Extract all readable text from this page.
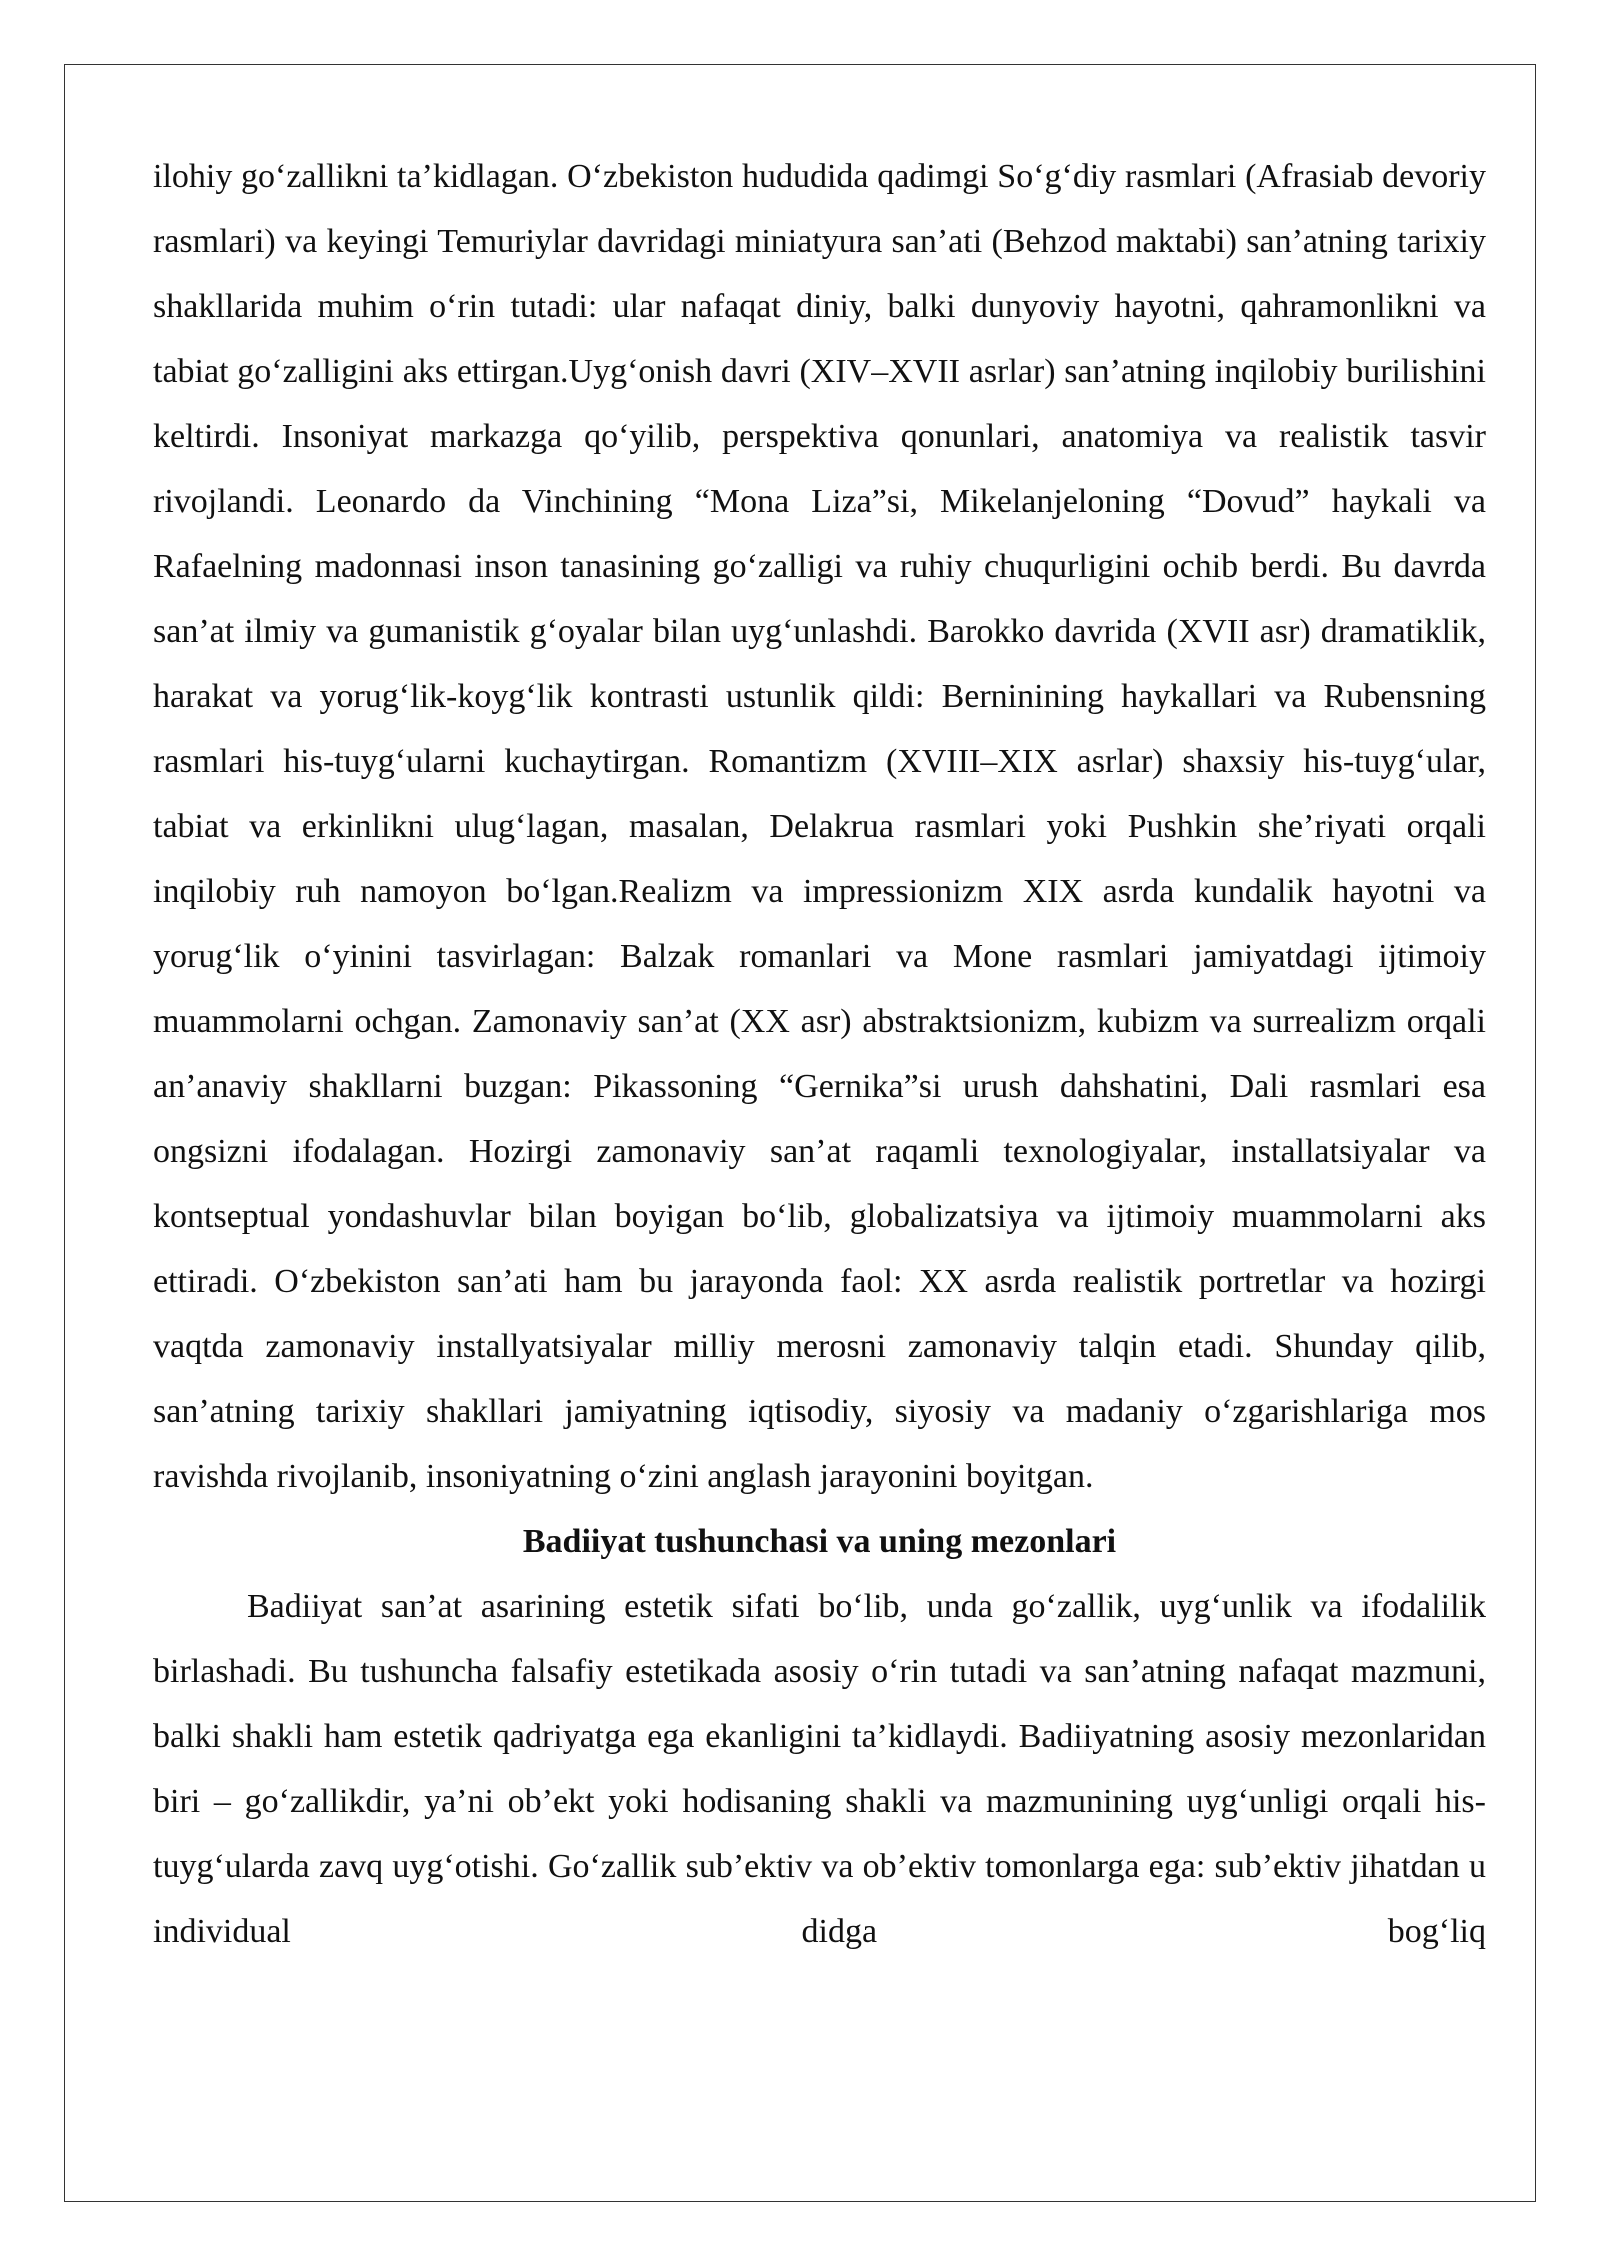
ilohiy go‘zallikni ta’kidlagan. O‘zbekiston hududida qadimgi So‘g‘diy rasmlari (Afrasiab devoriy rasmlari) va keyingi Temuriylar davridagi miniatyura san’ati (Behzod maktabi) san’atning tarixiy shakllarida muhim o‘rin tutadi: ular nafaqat diniy, balki dunyoviy hayotni, qahramonlikni va tabiat go‘zalligini aks ettirgan.Uyg‘onish davri (XIV–XVII asrlar) san’atning inqilobiy burilishini keltirdi. Insoniyat markazga qo‘yilib, perspektiva qonunlari, anatomiya va realistik tasvir rivojlandi. Leonardo da Vinchining “Mona Liza”si, Mikelanjeloning “Dovud” haykali va Rafaelning madonnasi inson tanasining go‘zalligi va ruhiy chuqurligini ochib berdi. Bu davrda san’at ilmiy va gumanistik g‘oyalar bilan uyg‘unlashdi. Barokko davrida (XVII asr) dramatiklik, harakat va yorug‘lik-koyg‘lik kontrasti ustunlik qildi: Berninining haykallari va Rubensning rasmlari his-tuyg‘ularni kuchaytirgan. Romantizm (XVIII–XIX asrlar) shaxsiy his-tuyg‘ular, tabiat va erkinlikni ulug‘lagan, masalan, Delakrua rasmlari yoki Pushkin she’riyati orqali inqilobiy ruh namoyon bo‘lgan.Realizm va impressionizm XIX asrda kundalik hayotni va yorug‘lik o‘yinini tasvirlagan: Balzak romanlari va Mone rasmlari jamiyatdagi ijtimoiy muammolarni ochgan. Zamonaviy san’at (XX asr) abstraktsionizm, kubizm va surrealizm orqali an’anaviy shakllarni buzgan: Pikassoning “Gernika”si urush dahshatini, Dali rasmlari esa ongsizni ifodalagan. Hozirgi zamonaviy san’at raqamli texnologiyalar, installatsiyalar va kontseptual yondashuvlar bilan boyigan bo‘lib, globalizatsiya va ijtimoiy muammolarni aks ettiradi. O‘zbekiston san’ati ham bu jarayonda faol: XX asrda realistik portretlar va hozirgi vaqtda zamonaviy installyatsiyalar milliy merosni zamonaviy talqin etadi. Shunday qilib, san’atning tarixiy shakllari jamiyatning iqtisodiy, siyosiy va madaniy o‘zgarishlariga mos ravishda rivojlanib, insoniyatning o‘zini anglash jarayonini boyitgan.

Badiiyat tushunchasi va uning mezonlari

Badiiyat san’at asarining estetik sifati bo‘lib, unda go‘zallik, uyg‘unlik va ifodalilik birlashadi. Bu tushuncha falsafiy estetikada asosiy o‘rin tutadi va san’atning nafaqat mazmuni, balki shakli ham estetik qadriyatga ega ekanligini ta’kidlaydi. Badiiyatning asosiy mezonlaridan biri – go‘zallikdir, ya’ni ob’ekt yoki hodisaning shakli va mazmunining uyg‘unligi orqali his-tuyg‘ularda zavq uyg‘otishi. Go‘zallik sub’ektiv va ob’ektiv tomonlarga ega: sub’ektiv jihatdan u individual didga bog‘liq
